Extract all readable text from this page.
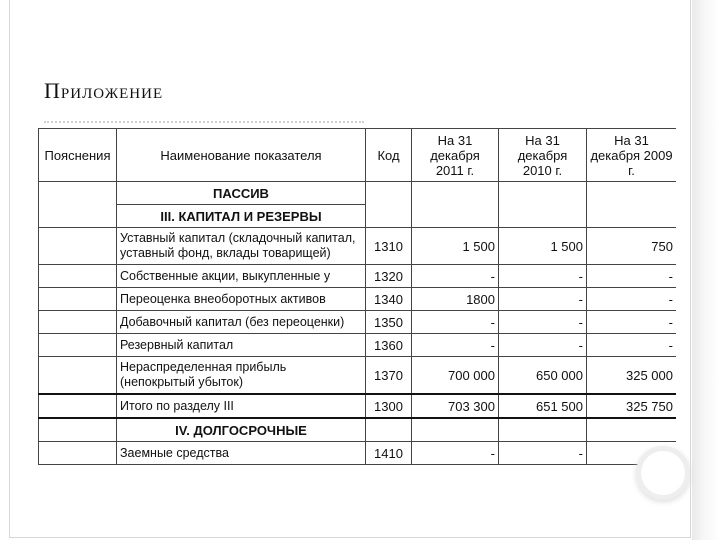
Приложение
Пояснения	Наименование показателя	Код	На 31 декабря 2011 г.	На 31 декабря 2010 г.	На 31 декабря 2009 г.
	ПАССИВ				
	III. КАПИТАЛ И РЕЗЕРВЫ				
	Уставный капитал (складочный капитал, уставный фонд, вклады товарищей)	1310	1 500	1 500	750
	Собственные акции, выкупленные у	1320	-	-	-
	Переоценка внеоборотных активов	1340	1800	-	-
	Добавочный капитал (без переоценки)	1350	-	-	-
	Резервный капитал	1360	-	-	-
	Нераспределенная прибыль (непокрытый убыток)	1370	700 000	650 000	325 000
	Итого по разделу III	1300	703 300	651 500	325 750
	IV. ДОЛГОСРОЧНЫЕ				
	Заемные средства	1410	-	-	
